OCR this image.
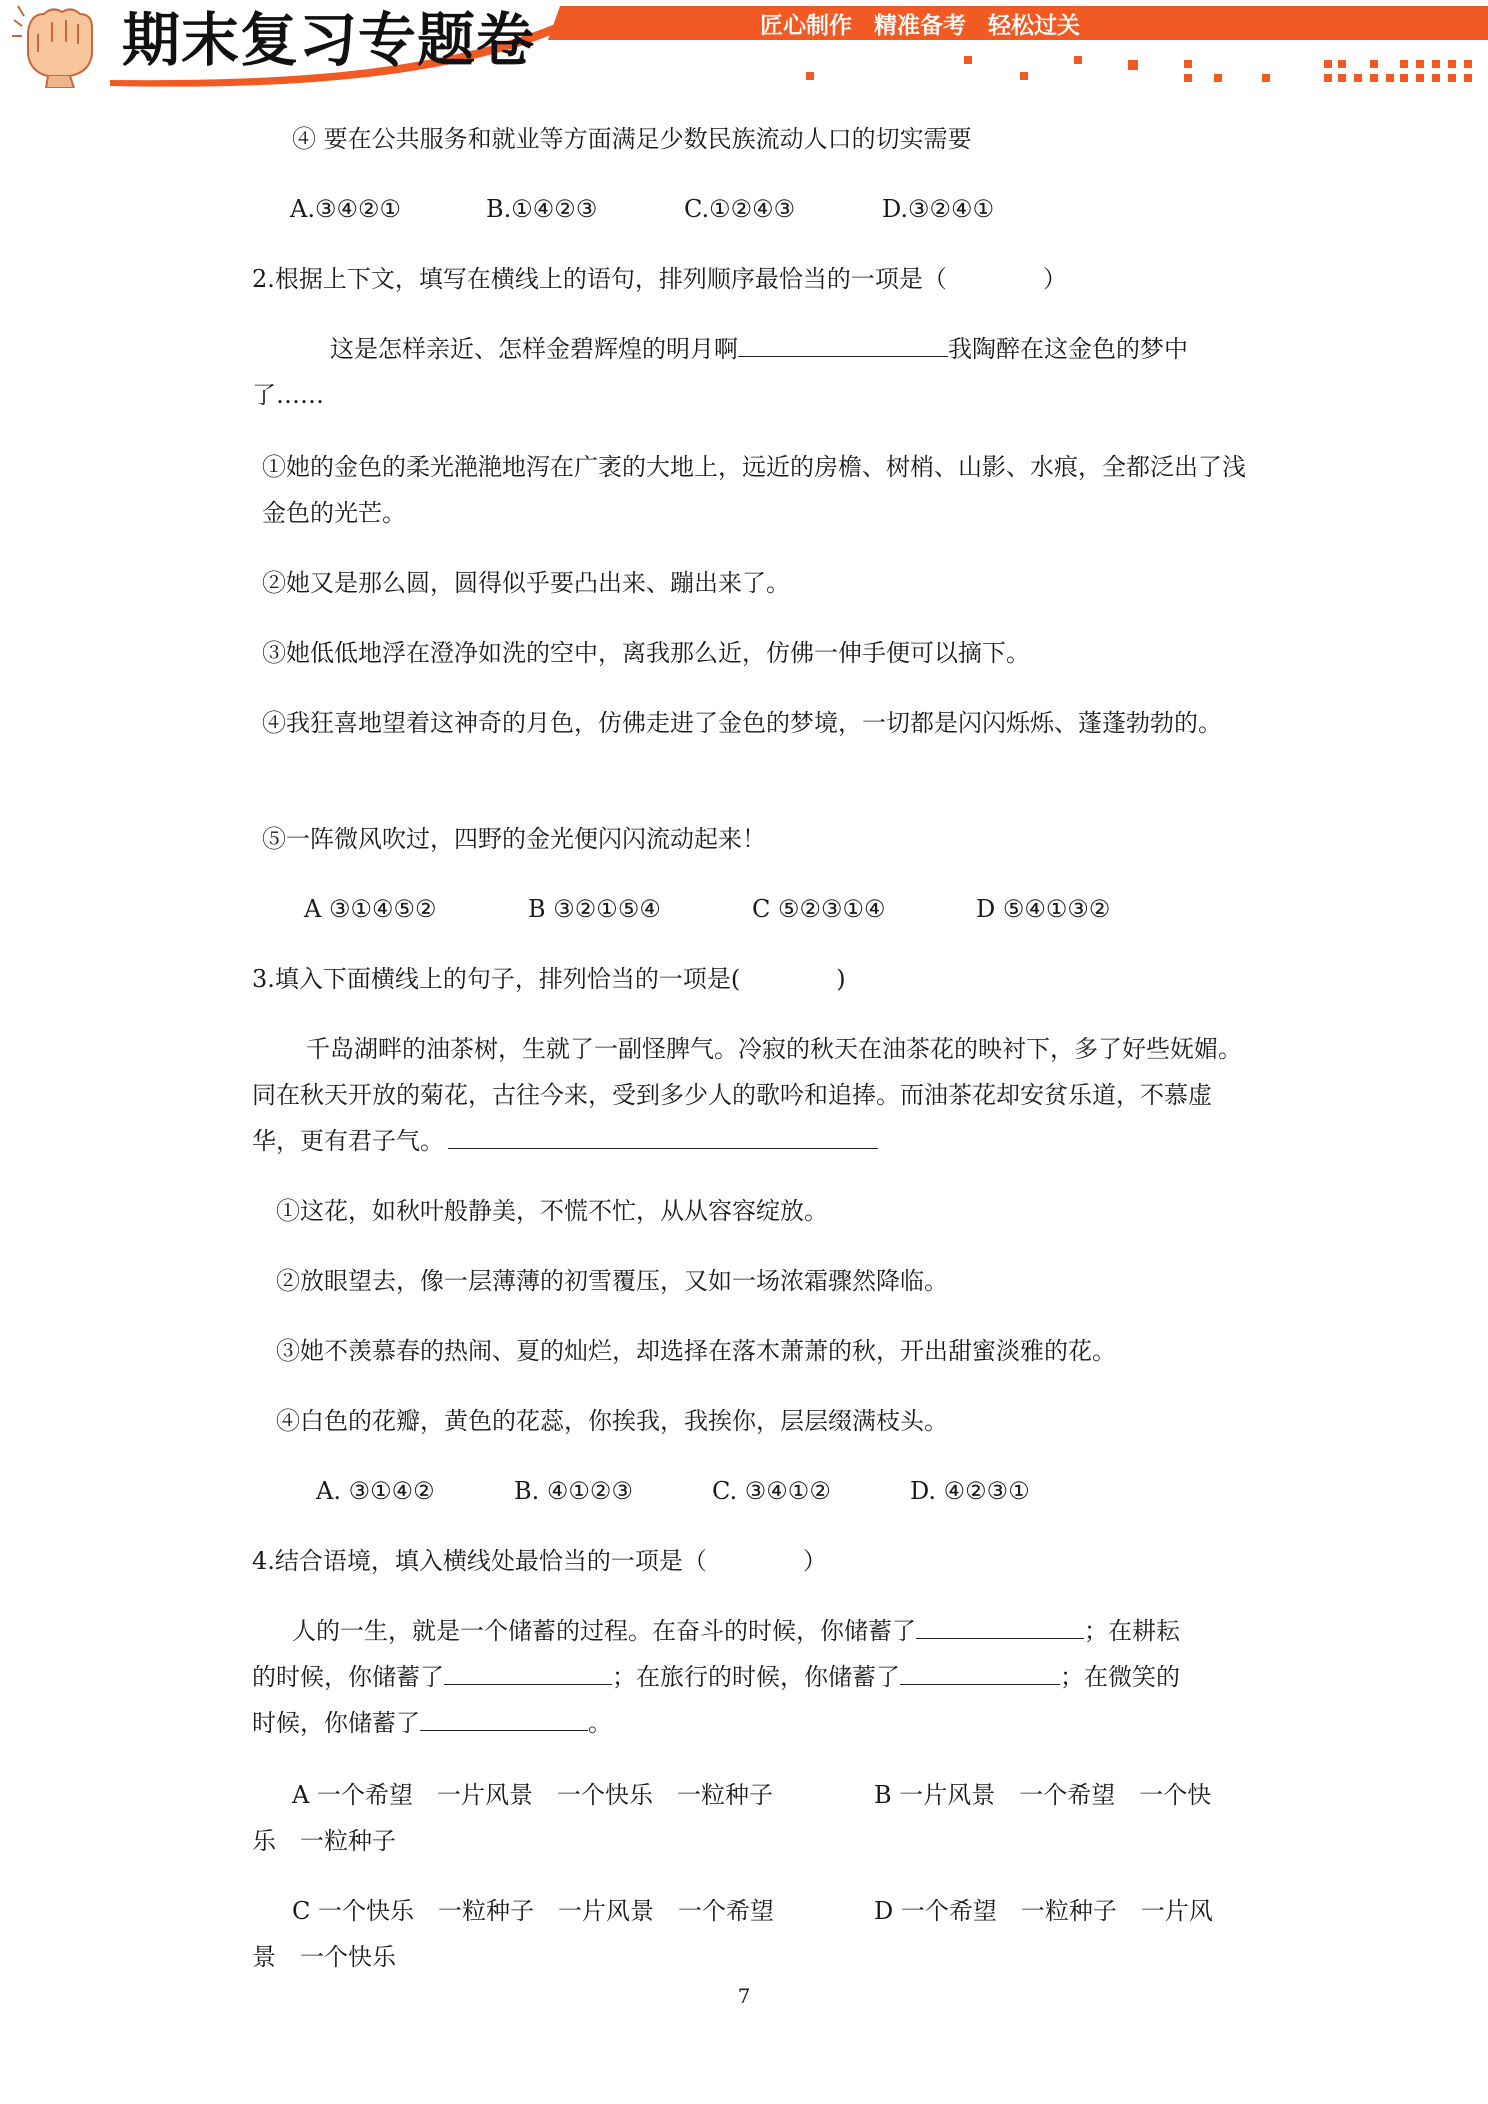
期末复习专题卷	匠心制作 精准备考 轻松过关
④ 要在公共服务和就业等方面满足少数民族流动人口的切实需要
A.③④②①	B.①④②③	C.①②④③	D.③②④①
2.根据上下文，填写在横线上的语句，排列顺序最恰当的一项是（　　　　）
这是怎样亲近、怎样金碧辉煌的明月啊	我陶醉在这金色的梦中
了……
①她的金色的柔光滟滟地泻在广袤的大地上，远近的房檐、树梢、山影、水痕，全都泛出了浅金色的光芒。
②她又是那么圆，圆得似乎要凸出来、蹦出来了。
③她低低地浮在澄净如洗的空中，离我那么近，仿佛一伸手便可以摘下。
④我狂喜地望着这神奇的月色，仿佛走进了金色的梦境，一切都是闪闪烁烁、蓬蓬勃勃的。
⑤一阵微风吹过，四野的金光便闪闪流动起来！
A ③①④⑤②	B ③②①⑤④	C ⑤②③①④	D ⑤④①③②
3.填入下面横线上的句子，排列恰当的一项是(　　　　)
千岛湖畔的油茶树，生就了一副怪脾气。冷寂的秋天在油茶花的映衬下，多了好些妩媚。同在秋天开放的菊花，古往今来，受到多少人的歌吟和追捧。而油茶花却安贫乐道，不慕虚华，更有君子气。
①这花，如秋叶般静美，不慌不忙，从从容容绽放。
②放眼望去，像一层薄薄的初雪覆压，又如一场浓霜骤然降临。
③她不羡慕春的热闹、夏的灿烂，却选择在落木萧萧的秋，开出甜蜜淡雅的花。
④白色的花瓣，黄色的花蕊，你挨我，我挨你，层层缀满枝头。
A. ③①④②	B. ④①②③	C. ③④①②	D. ④②③①
4.结合语境，填入横线处最恰当的一项是（　　　　）
人的一生，就是一个储蓄的过程。在奋斗的时候，你储蓄了	；在耕耘
的时候，你储蓄了	；在旅行的时候，你储蓄了	；在微笑的
时候，你储蓄了	。
A 一个希望　一片风景　一个快乐　一粒种子	B 一片风景　一个希望　一个快
乐　一粒种子
C 一个快乐　一粒种子　一片风景　一个希望	D 一个希望　一粒种子　一片风
景　一个快乐
7
